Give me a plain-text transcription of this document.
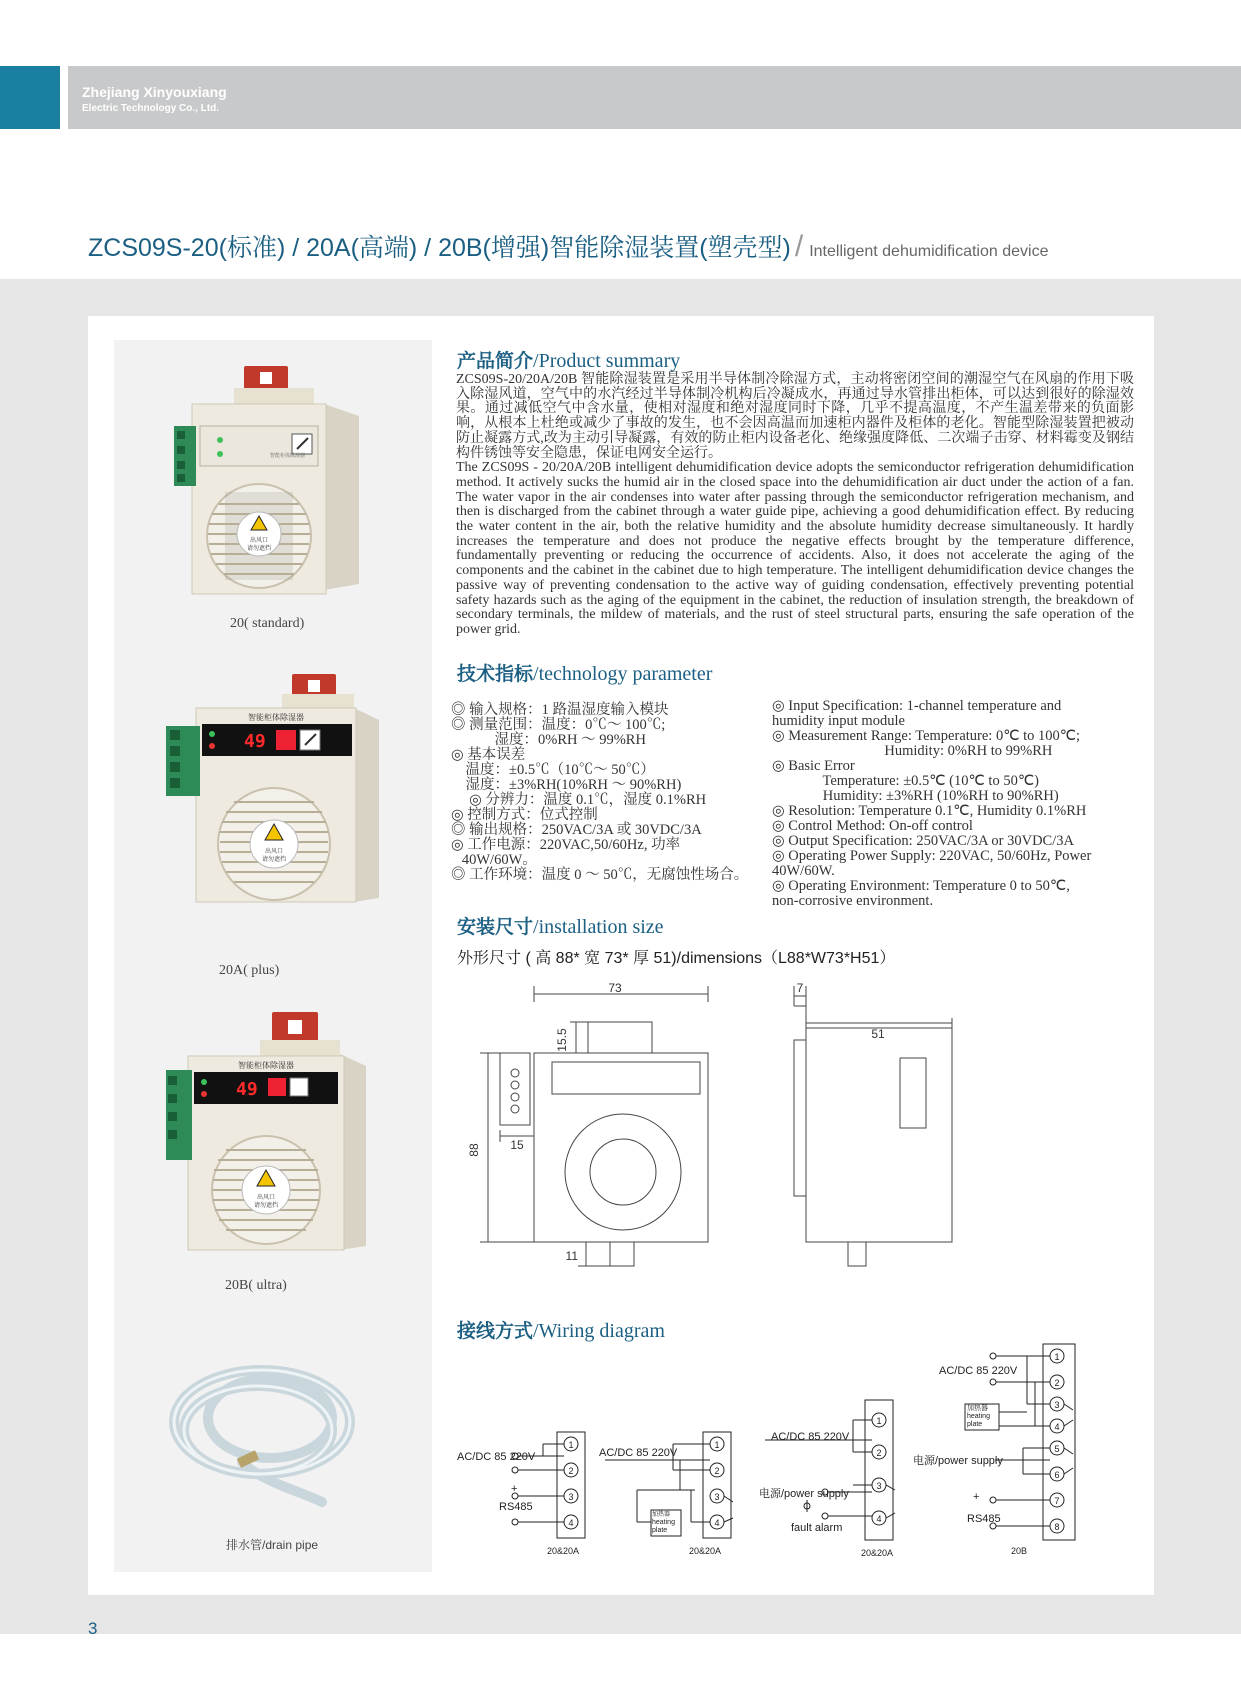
Zhejiang Xinyouxiang
Electric Technology Co., Ltd.
ZCS09S-20(标准) / 20A(高端) / 20B(增强)智能除湿装置(塑壳型) / Intelligent dehumidification device
智能柜体除湿器
出风口
请勿遮挡
20( standard)
智能柜体除湿器
49
出风口
请勿遮挡
20A( plus)
智能柜体除湿器
49
出风口
请勿遮挡
20B( ultra)
排水管/drain pipe
产品简介/Product summary
ZCS09S-20/20A/20B 智能除湿装置是采用半导体制冷除湿方式，主动将密闭空间的潮湿空气在风扇的作用下吸入除湿风道，空气中的水汽经过半导体制冷机构后冷凝成水，再通过导水管排出柜体，可以达到很好的除湿效果。通过减低空气中含水量，使相对湿度和绝对湿度同时下降，几乎不提高温度，不产生温差带来的负面影响，从根本上杜绝或减少了事故的发生，也不会因高温而加速柜内器件及柜体的老化。智能型除湿装置把被动防止凝露方式,改为主动引导凝露，有效的防止柜内设备老化、绝缘强度降低、二次端子击穿、材料霉变及钢结构件锈蚀等安全隐患，保证电网安全运行。
The ZCS09S - 20/20A/20B intelligent dehumidification device adopts the semiconductor refrigeration dehumidification method. It actively sucks the humid air in the closed space into the dehumidification air duct under the action of a fan. The water vapor in the air condenses into water after passing through the semiconductor refrigeration mechanism, and then is discharged from the cabinet through a water guide pipe, achieving a good dehumidification effect. By reducing the water content in the air, both the relative humidity and the absolute humidity decrease simultaneously. It hardly increases the temperature and does not produce the negative effects brought by the temperature difference, fundamentally preventing or reducing the occurrence of accidents. Also, it does not accelerate the aging of the components and the cabinet in the cabinet due to high temperature. The intelligent dehumidification device changes the passive way of preventing condensation to the active way of guiding condensation, effectively preventing potential safety hazards such as the aging of the equipment in the cabinet, the reduction of insulation strength, the breakdown of secondary terminals, the mildew of materials, and the rust of steel structural parts, ensuring the safe operation of the power grid.
技术指标/technology parameter
◎ 输入规格：1 路温湿度输入模块
◎ 测量范围：温度：0℃～ 100℃;
湿度：0%RH ～ 99%RH
◎ 基本误差
温度：±0.5℃（10℃～ 50℃）
湿度：±3%RH(10%RH ～ 90%RH)
◎ 分辨力：温度 0.1℃，湿度 0.1%RH
◎ 控制方式：位式控制
◎ 输出规格：250VAC/3A 或 30VDC/3A
◎ 工作电源：220VAC,50/60Hz, 功率
40W/60W。
◎ 工作环境：温度 0 ～ 50℃，无腐蚀性场合。
◎ Input Specification: 1-channel temperature and
humidity input module
◎ Measurement Range: Temperature: 0℃ to 100℃;
Humidity: 0%RH to 99%RH
◎ Basic Error
Temperature: ±0.5℃ (10℃ to 50℃)
Humidity: ±3%RH (10%RH to 90%RH)
◎ Resolution: Temperature 0.1℃, Humidity 0.1%RH
◎ Control Method: On-off control
◎ Output Specification: 250VAC/3A or 30VDC/3A
◎ Operating Power Supply: 220VAC, 50/60Hz, Power
40W/60W.
◎ Operating Environment: Temperature 0 to 50℃,
non-corrosive environment.
安装尺寸/installation size
外形尺寸 ( 高 88* 宽 73* 厚 51)/dimensions（L88*W73*H51）
73
15.5
88 15
11
7
51
接线方式/Wiring diagram
AC/DC 85 220V
+
RS485
1
2
3
4
20&20A
AC/DC 85 220V
加热器
heating
plate
1
2
3
4
20&20A
AC/DC 85 220V
电源/power supply
fault alarm
1
2
3
4
20&20A
AC/DC 85 220V
加热器
heating
plate
电源/power supply
+
RS485
1
2
3
4
5
6
7
8
20B
3
